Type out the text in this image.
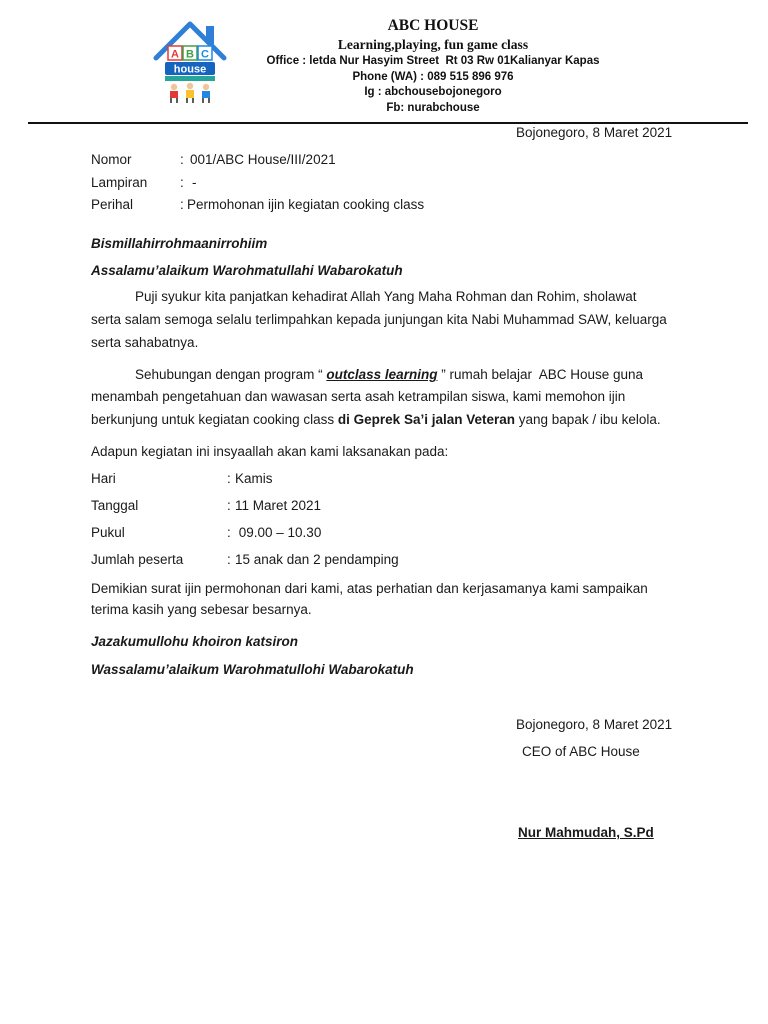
A B C
house
ABC HOUSE
Learning,playing, fun game class
Office : letda Nur Hasyim Street  Rt 03 Rw 01Kalianyar Kapas
Phone (WA) : 089 515 896 976
Ig : abchousebojonegoro
Fb: nurabchouse
Bojonegoro, 8 Maret 2021
Nomor	: 001/ABC House/III/2021
Lampiran : -
Perihal	: Permohonan ijin kegiatan cooking class
Bismillahirrohmaanirrohiim
Assalamu’alaikum Warohmatullahi Wabarokatuh
Puji syukur kita panjatkan kehadirat Allah Yang Maha Rohman dan Rohim, sholawat
serta salam semoga selalu terlimpahkan kepada junjungan kita Nabi Muhammad SAW, keluarga
serta sahabatnya.
Sehubungan dengan program “ outclass learning ” rumah belajar  ABC House guna
menambah pengetahuan dan wawasan serta asah ketrampilan siswa, kami memohon ijin
berkunjung untuk kegiatan cooking class di Geprek Sa’i jalan Veteran yang bapak / ibu kelola.
Adapun kegiatan ini insyaallah akan kami laksanakan pada:
Hari	: Kamis
Tanggal	: 11 Maret 2021
Pukul	: 09.00 – 10.30
Jumlah peserta	: 15 anak dan 2 pendamping
Demikian surat ijin permohonan dari kami, atas perhatian dan kerjasamanya kami sampaikan
terima kasih yang sebesar besarnya.
Jazakumullohu khoiron katsiron
Wassalamu’alaikum Warohmatullohi Wabarokatuh
Bojonegoro, 8 Maret 2021
CEO of ABC House
Nur Mahmudah, S.Pd
